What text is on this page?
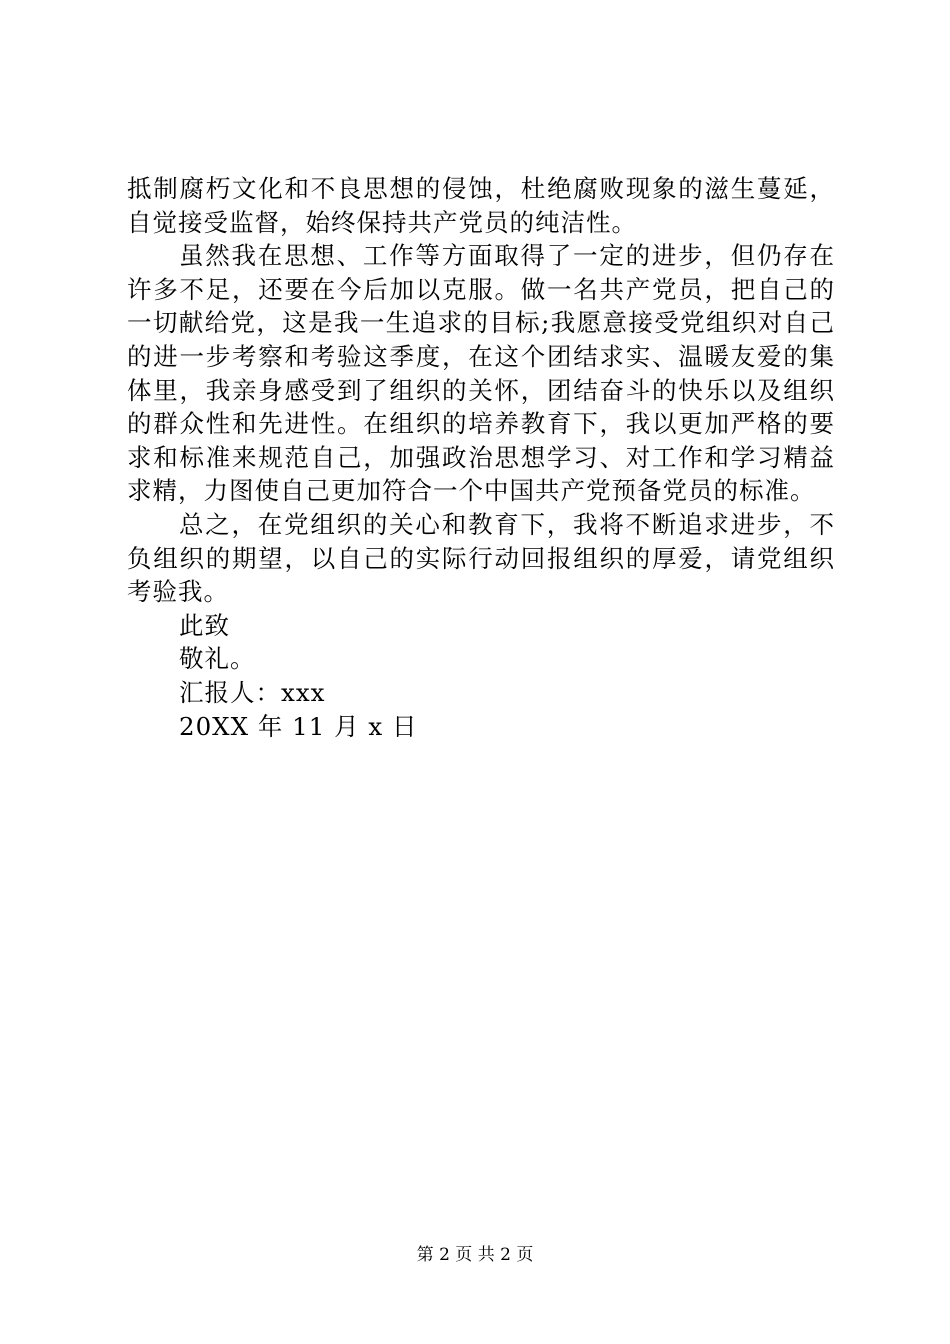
抵制腐朽文化和不良思想的侵蚀，杜绝腐败现象的滋生蔓延，自觉接受监督，始终保持共产党员的纯洁性。

虽然我在思想、工作等方面取得了一定的进步，但仍存在许多不足，还要在今后加以克服。做一名共产党员，把自己的一切献给党，这是我一生追求的目标;我愿意接受党组织对自己的进一步考察和考验这季度，在这个团结求实、温暖友爱的集体里，我亲身感受到了组织的关怀，团结奋斗的快乐以及组织的群众性和先进性。在组织的培养教育下，我以更加严格的要求和标准来规范自己，加强政治思想学习、对工作和学习精益求精，力图使自己更加符合一个中国共产党预备党员的标准。

总之，在党组织的关心和教育下，我将不断追求进步，不负组织的期望，以自己的实际行动回报组织的厚爱，请党组织考验我。

此致

敬礼。

汇报人：xxx

20XX 年 11 月 x 日

第 2 页 共 2 页
